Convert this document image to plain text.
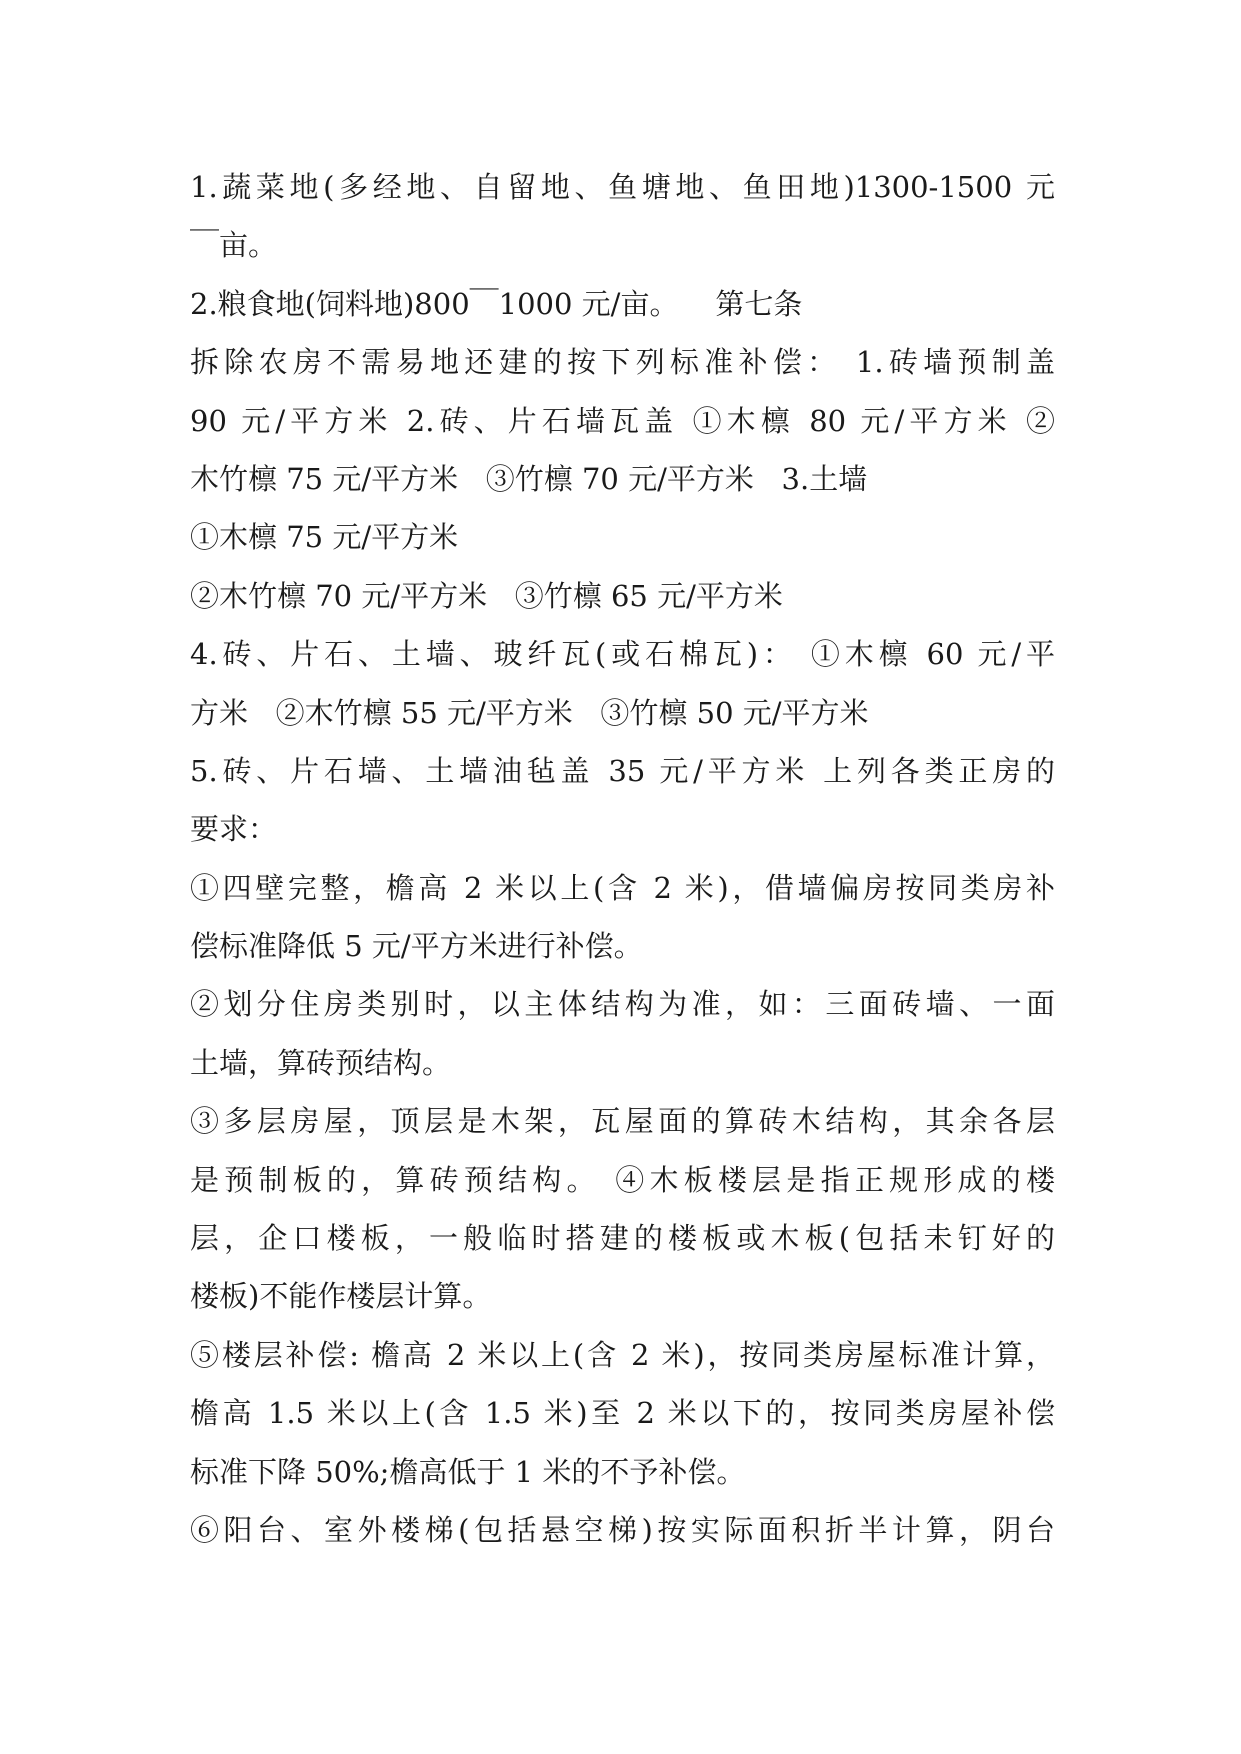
1.蔬菜地(多经地、自留地、鱼塘地、鱼田地)1300-1500 元
￣亩。
2.粮食地(饲料地)800￣1000 元/亩。    第七条
拆除农房不需易地还建的按下列标准补偿： 1.砖墙预制盖
90 元/平方米 2.砖、片石墙瓦盖 ①木檩 80 元/平方米 ②
木竹檩 75 元/平方米   ③竹檩 70 元/平方米   3.土墙
①木檩 75 元/平方米
②木竹檩 70 元/平方米   ③竹檩 65 元/平方米
4.砖、片石、土墙、玻纤瓦(或石棉瓦)： ①木檩 60 元/平
方米   ②木竹檩 55 元/平方米   ③竹檩 50 元/平方米
5.砖、片石墙、土墙油毡盖 35 元/平方米 上列各类正房的
要求：
①四壁完整，檐高 2 米以上(含 2 米)，借墙偏房按同类房补
偿标准降低 5 元/平方米进行补偿。
②划分住房类别时，以主体结构为准，如：三面砖墙、一面
土墙，算砖预结构。
③多层房屋，顶层是木架，瓦屋面的算砖木结构，其余各层
是预制板的，算砖预结构。 ④木板楼层是指正规形成的楼
层，企口楼板，一般临时搭建的楼板或木板(包括未钉好的
楼板)不能作楼层计算。
⑤楼层补偿: 檐高 2 米以上(含 2 米)，按同类房屋标准计算，
檐高 1.5 米以上(含 1.5 米)至 2 米以下的，按同类房屋补偿
标准下降 50%;檐高低于 1 米的不予补偿。
⑥阳台、室外楼梯(包括悬空梯)按实际面积折半计算，阴台
